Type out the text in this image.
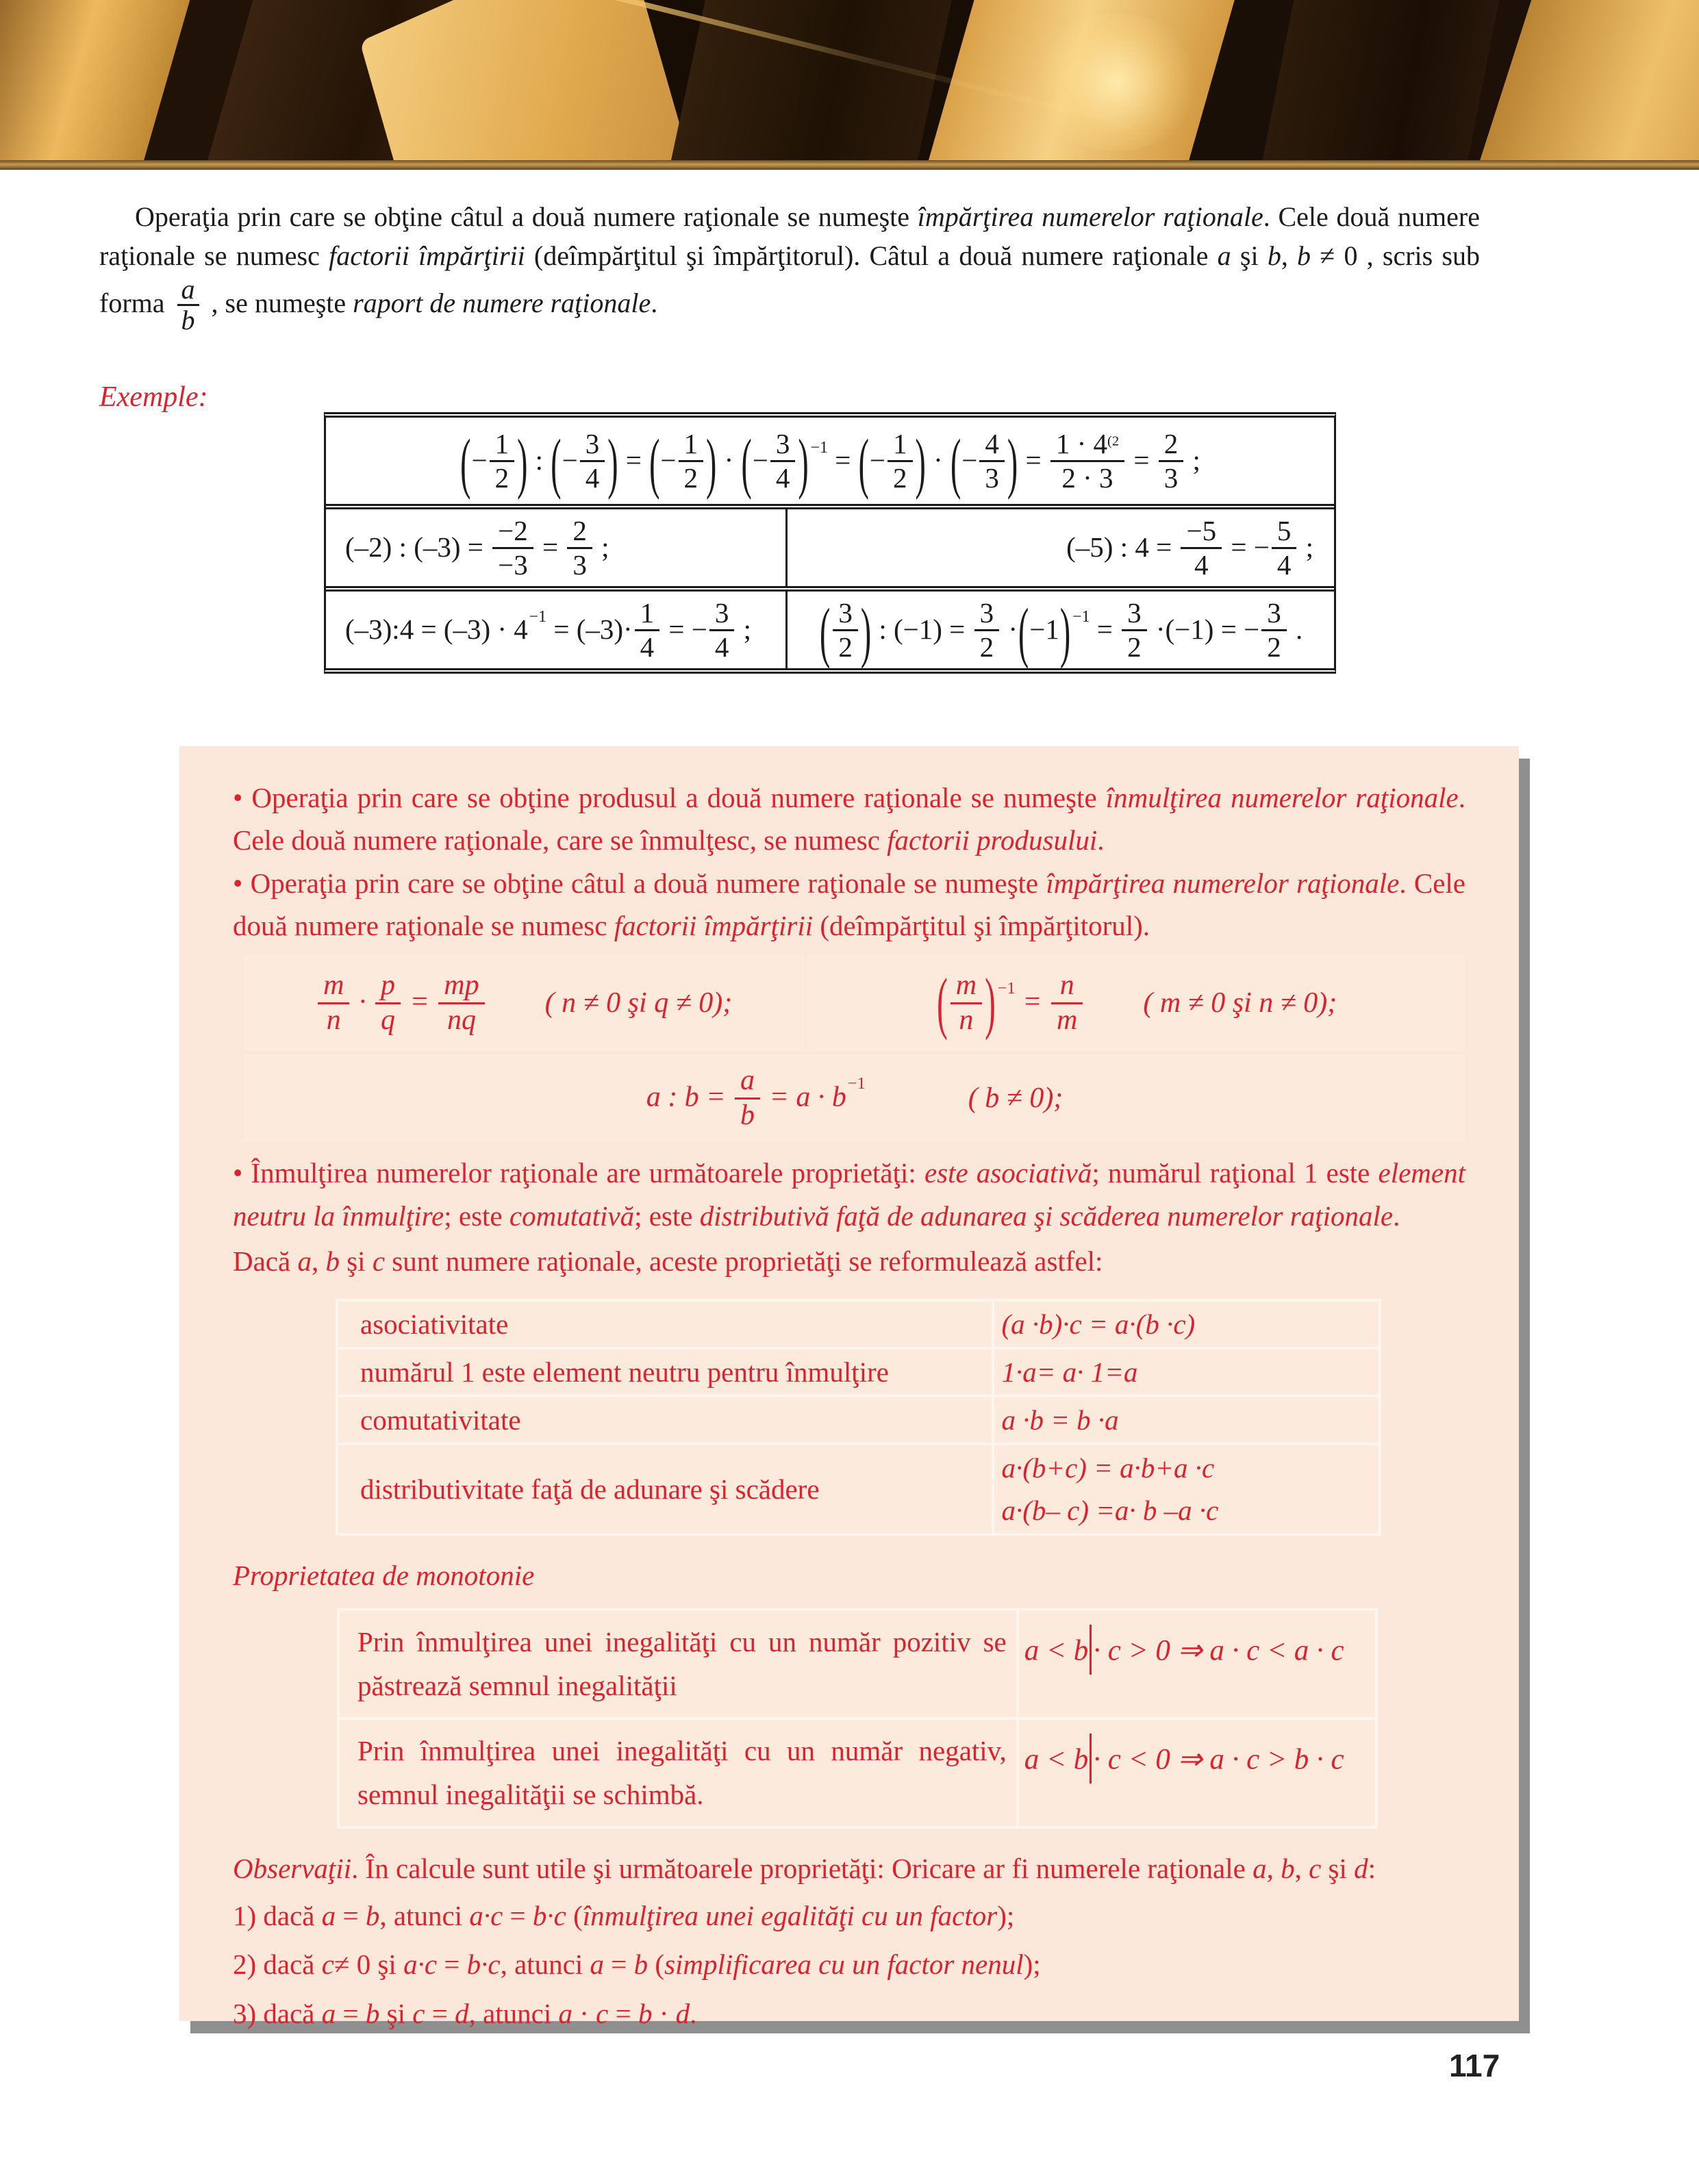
Operaţia prin care se obţine câtul a două numere raţionale se numeşte împărţirea numerelor raţionale. Cele două numere raţionale se numesc factorii împărţirii (deîmpărţitul şi împărţitorul). Câtul a două numere raţionale a şi b, b ≠ 0 , scris sub forma $\frac{a}{b}$ , se numeşte raport de numere raţionale.
Exemple:
(− $\frac{1}{2}$ ) : (− $\frac{3}{4}$ ) = (− $\frac{1}{2}$ ) · (− $\frac{3}{4}$ ) $^{-1}$ = (− $\frac{1}{2}$ ) · (− $\frac{4}{3}$ ) = $\frac{1 \cdot 4^{(2}}{2 \cdot 3} = \frac{2}{3}$ ;
(–2) : $(-3) = \frac{-2}{-3} = \frac{2}{3}$ ;	(–5) : $4 = \frac{-5}{4}$ = − $\frac{5}{4}$ ;
(–3):4 = $(-3) \cdot 4^{-1} = (-3)\cdot \frac{1}{4}$ = − $\frac{3}{4}$ ; ( $\frac{3}{2}$ ) : $(-1) = \frac{3}{2} \cdot(-1) ^{-1} = \frac{3}{2} \cdot(-1)$ = − $\frac{3}{2}$ .

• Operaţia prin care se obţine produsul a două numere raţionale se numeşte înmulţirea numerelor raţionale. Cele două numere raţionale, care se înmulţesc, se numesc factorii produsului.

• Operaţia prin care se obţine câtul a două numere raţionale se numeşte împărţirea numerelor raţionale. Cele două numere raţionale se numesc factorii împărţirii (deîmpărţitul şi împărţitorul).

$\frac{m}{n} \cdot \frac{p}{q} = \frac{mp}{nq}$ ( n ≠ 0 şi q ≠ 0);	( $\frac{m}{n}$ ) $^{-1} = \frac{n}{m}$ ( m ≠ 0 şi n ≠ 0);
a : $b = \frac{a}{b} = a \cdot b^{-1}$	( b ≠ 0);

• Înmulţirea numerelor raţionale are următoarele proprietăţi: este asociativă; numărul raţional 1 este element neutru la înmulţire; este comutativă; este distributivă faţă de adunarea şi scăderea numerelor raţionale.

Dacă a, b şi c sunt numere raţionale, aceste proprietăţi se reformulează astfel:

asociativitate	(a ·b)·c = a·(b ·c)
numărul 1 este element neutru pentru înmulţire	1·a= a· 1=a
comutativitate	a ·b = b ·a
distributivitate faţă de adunare şi scădere
a·(b+c) = a·b+a ·c
a·(b– c) =a· b –a ·c
Proprietatea de monotonie
Prin înmulţirea unei inegalităţi cu un număr pozitiv se păstrează semnul inegalităţii
a < b · c > 0 ⇒ a · c < a · c
Prin înmulţirea unei inegalităţi cu un număr negativ, semnul inegalităţii se schimbă.
a < b · c < 0 ⇒ a · c > b · c

Observaţii. În calcule sunt utile şi următoarele proprietăţi: Oricare ar fi numerele raţionale a, b, c şi d:

1) dacă a = b, atunci a·c = b·c (înmulţirea unei egalităţi cu un factor);

2) dacă c≠ 0 şi a·c = b·c, atunci a = b (simplificarea cu un factor nenul);

3) dacă a = b şi c = d, atunci a · c = b · d.

117
